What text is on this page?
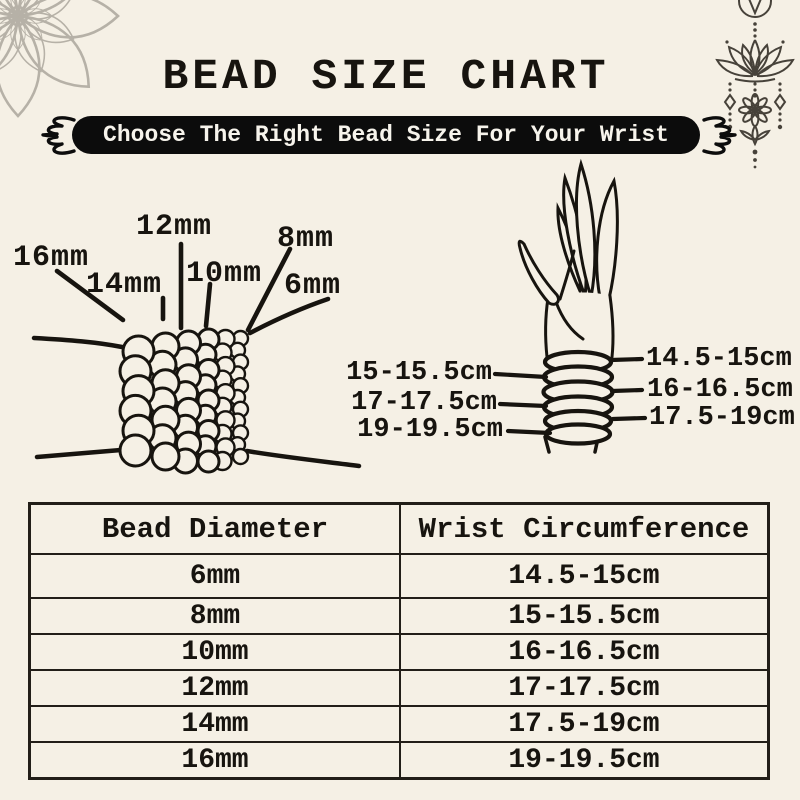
BEAD SIZE CHART
Choose The Right Bead Size For Your Wrist
16mm
14mm
12mm
10mm
8mm
6mm
15-15.5cm
17-17.5cm
19-19.5cm
14.5-15cm
16-16.5cm
17.5-19cm
Bead Diameter	Wrist Circumference
6mm	14.5-15cm
8mm	15-15.5cm
10mm	16-16.5cm
12mm	17-17.5cm
14mm	17.5-19cm
16mm	19-19.5cm
